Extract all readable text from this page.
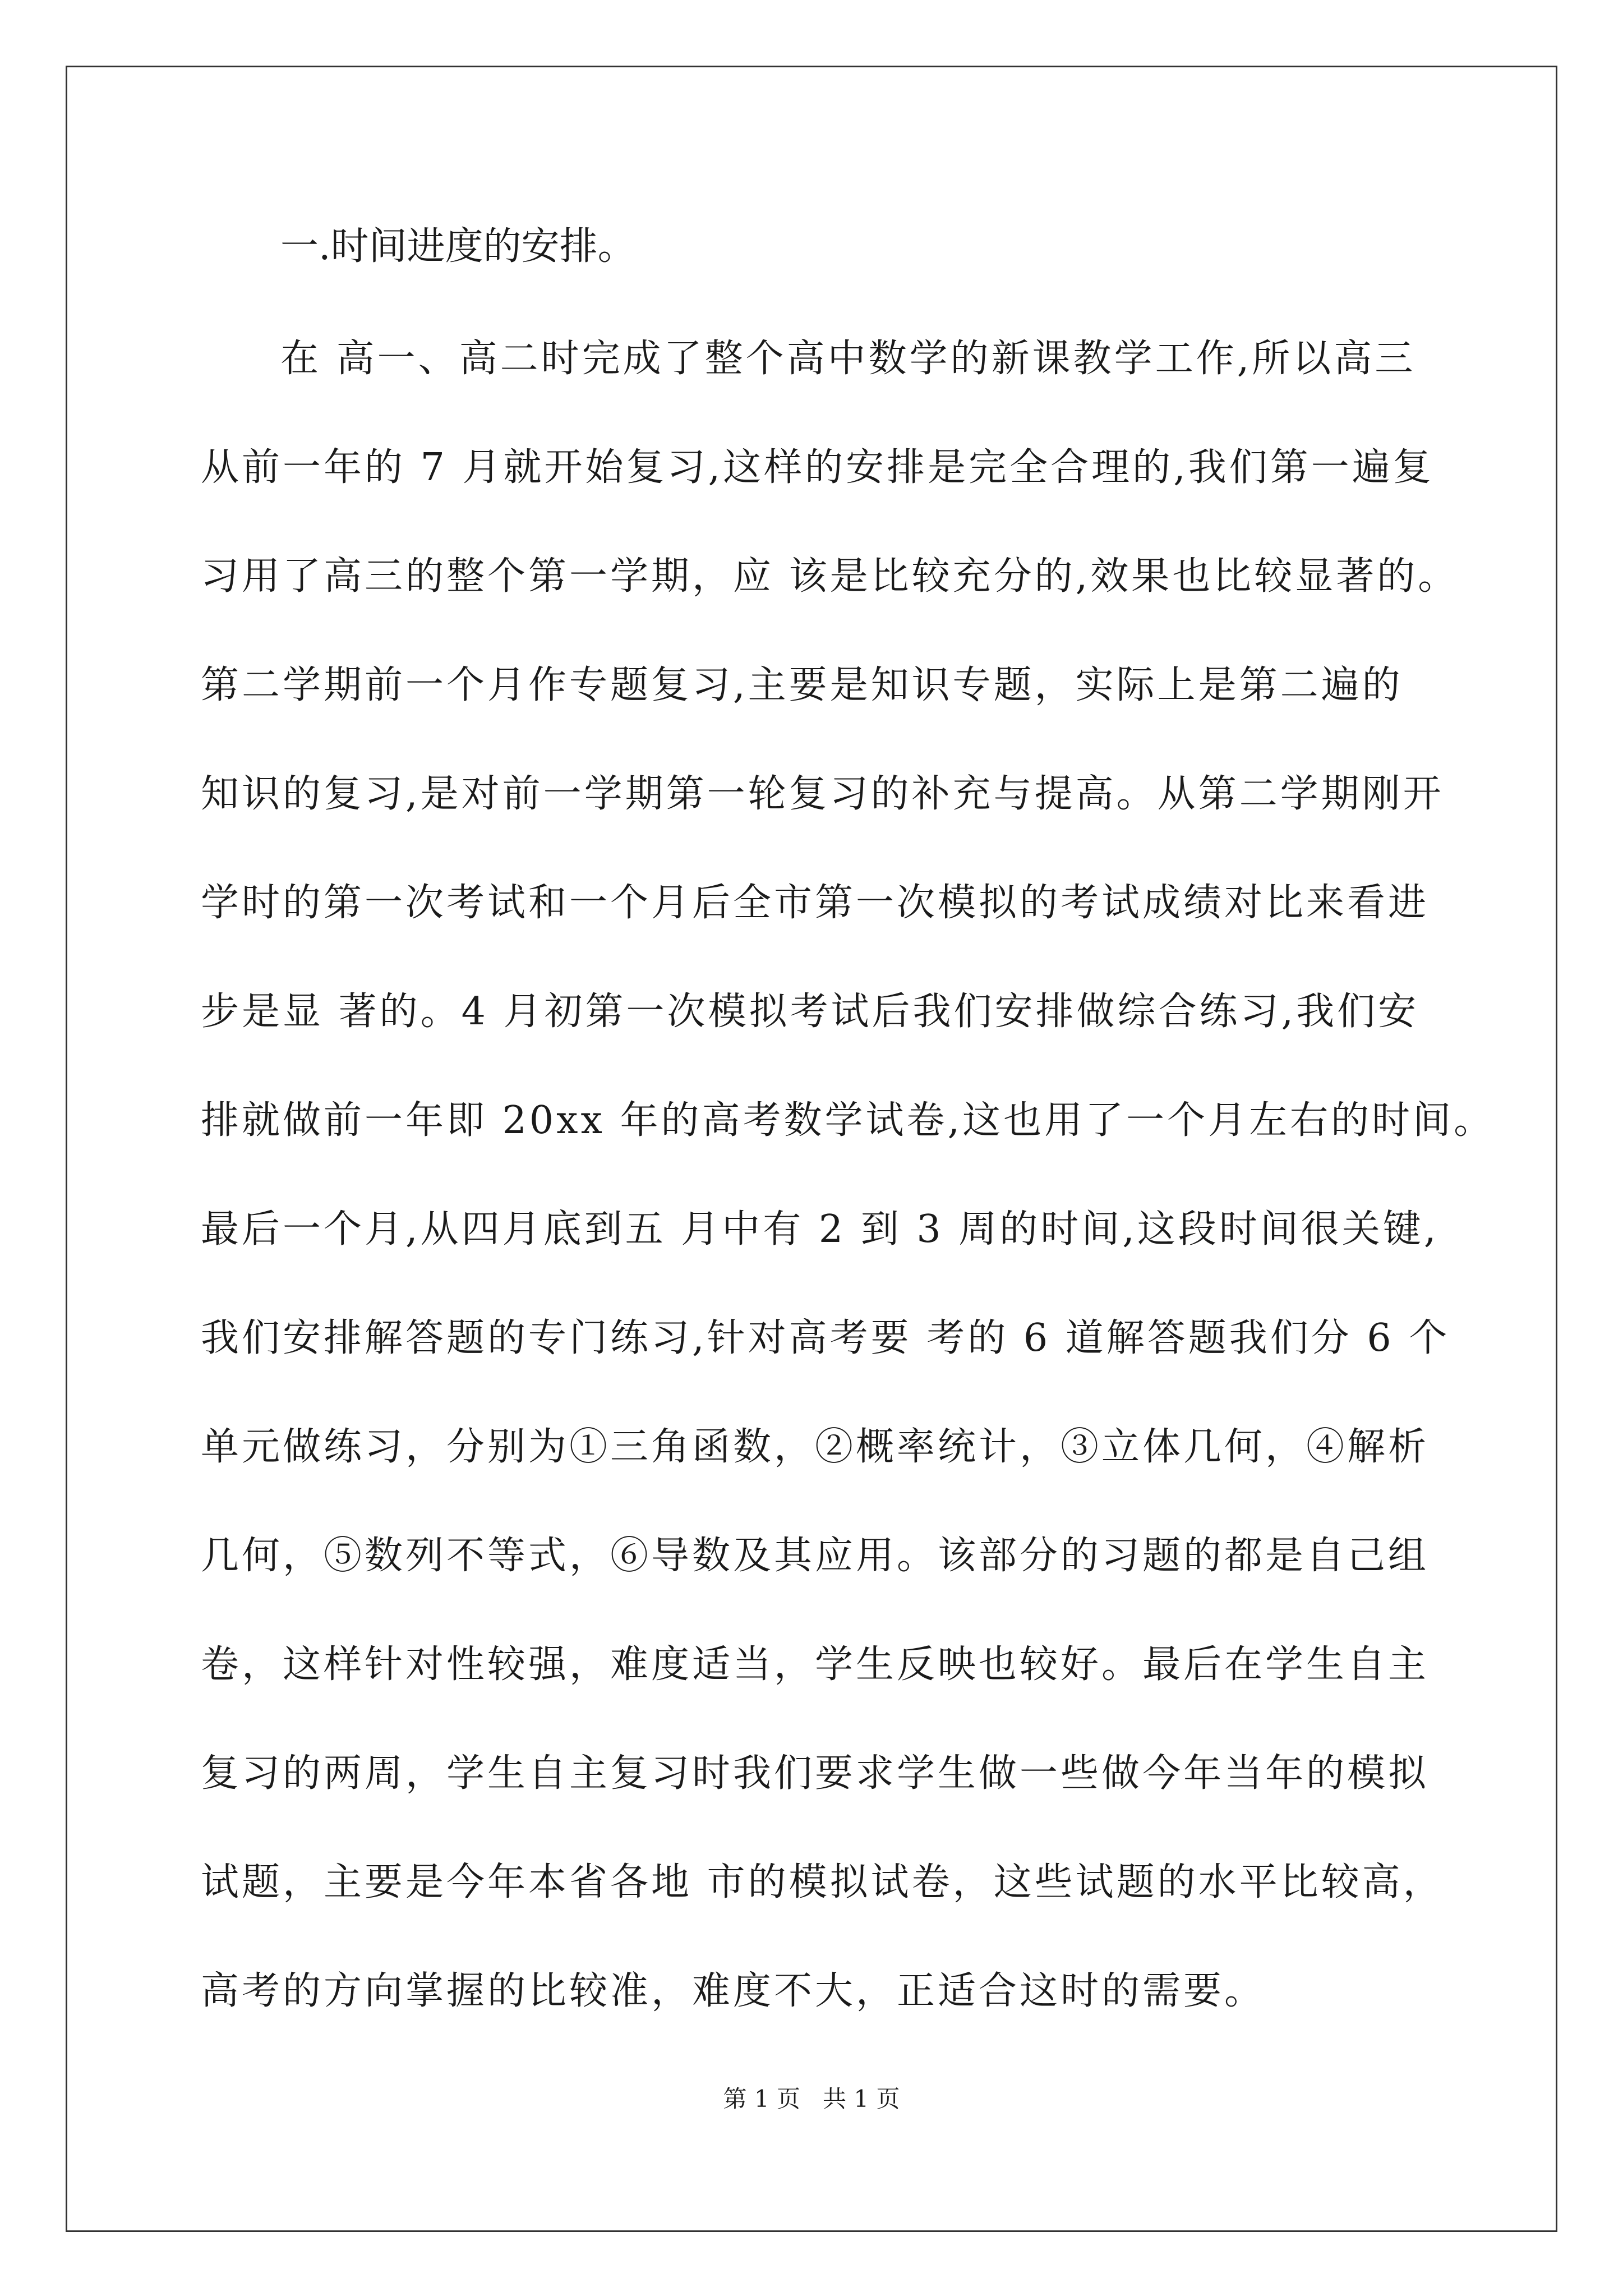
一.时间进度的安排。
在 高一、高二时完成了整个高中数学的新课教学工作,所以高三
从前一年的 7 月就开始复习,这样的安排是完全合理的,我们第一遍复
习用了高三的整个第一学期，应 该是比较充分的,效果也比较显著的。
第二学期前一个月作专题复习,主要是知识专题，实际上是第二遍的
知识的复习,是对前一学期第一轮复习的补充与提高。从第二学期刚开
学时的第一次考试和一个月后全市第一次模拟的考试成绩对比来看进
步是显 著的。4 月初第一次模拟考试后我们安排做综合练习,我们安
排就做前一年即 20xx 年的高考数学试卷,这也用了一个月左右的时间。
最后一个月,从四月底到五 月中有 2 到 3 周的时间,这段时间很关键,
我们安排解答题的专门练习,针对高考要 考的 6 道解答题我们分 6 个
单元做练习，分别为①三角函数，②概率统计，③立体几何，④解析
几何，⑤数列不等式，⑥导数及其应用。该部分的习题的都是自己组
卷，这样针对性较强，难度适当，学生反映也较好。最后在学生自主
复习的两周，学生自主复习时我们要求学生做一些做今年当年的模拟
试题，主要是今年本省各地 市的模拟试卷，这些试题的水平比较高，
高考的方向掌握的比较准，难度不大，正适合这时的需要。
第 1 页   共 1 页
